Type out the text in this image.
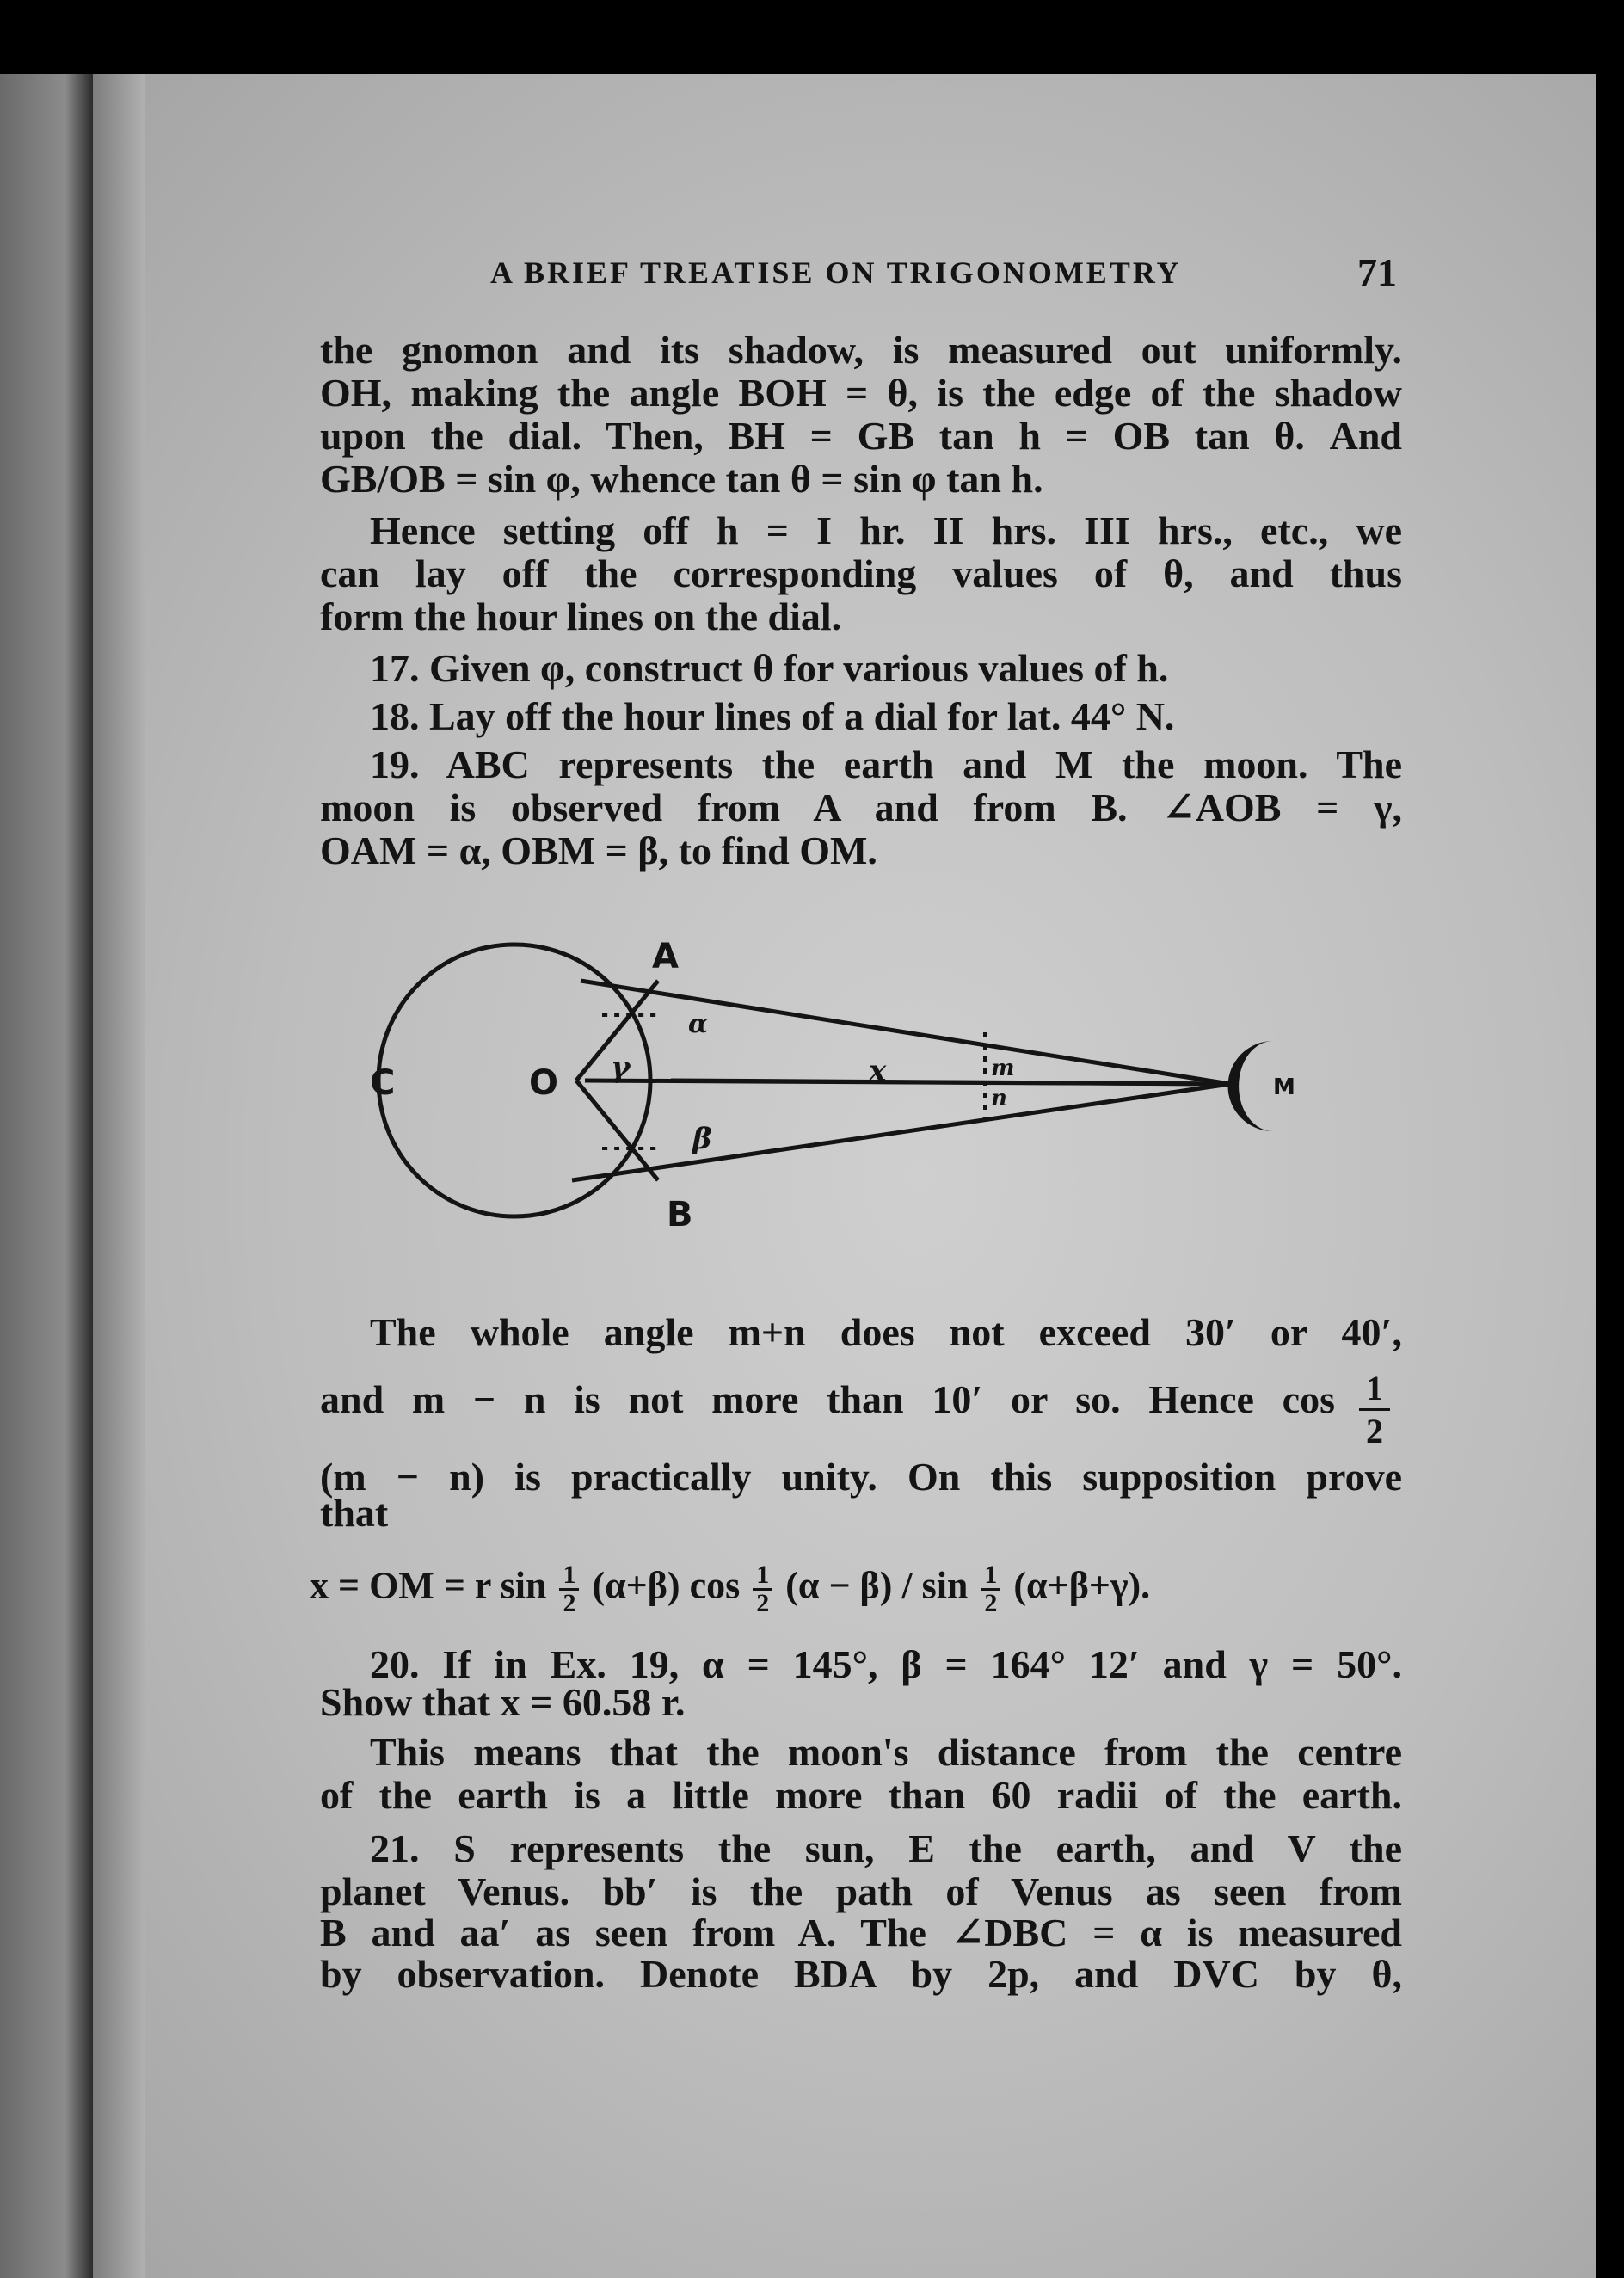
A BRIEF TREATISE ON TRIGONOMETRY	71
the gnomon and its shadow, is measured out uniformly.
OH, making the angle BOH = θ, is the edge of the shadow
upon the dial. Then, BH = GB tan h = OB tan θ. And
GB/OB = sin φ, whence tan θ = sin φ tan h.
Hence setting off h = I hr. II hrs. III hrs., etc., we
can lay off the corresponding values of θ, and thus
form the hour lines on the dial.
17. Given φ, construct θ for various values of h.
18. Lay off the hour lines of a dial for lat. 44° N.
19. ABC represents the earth and M the moon. The
moon is observed from A and from B. ∠AOB = γ,
OAM = α, OBM = β, to find OM.
A
B
C	O	M
α
β
γ	x	m
n
The whole angle m+n does not exceed 30′ or 40′,
and m − n is not more than 10′ or so. Hence $\cos \frac{1}{2}$
(m − n) is practically unity. On this supposition prove
that
x = OM = r $\sin \frac{1}{2} (\alpha+\beta)$ $\cos \frac{1}{2} (\alpha - \beta) / \sin \frac{1}{2} (\alpha+\beta+\gamma)$.
20. If in Ex. 19, α = 145°, β = 164° 12′ and γ = 50°.
Show that x = 60.58 r.
This means that the moon's distance from the centre
of the earth is a little more than 60 radii of the earth.
21. S represents the sun, E the earth, and V the
planet Venus. bb′ is the path of Venus as seen from
B and aa′ as seen from A. The ∠DBC = α is measured
by observation. Denote BDA by 2p, and DVC by θ,
